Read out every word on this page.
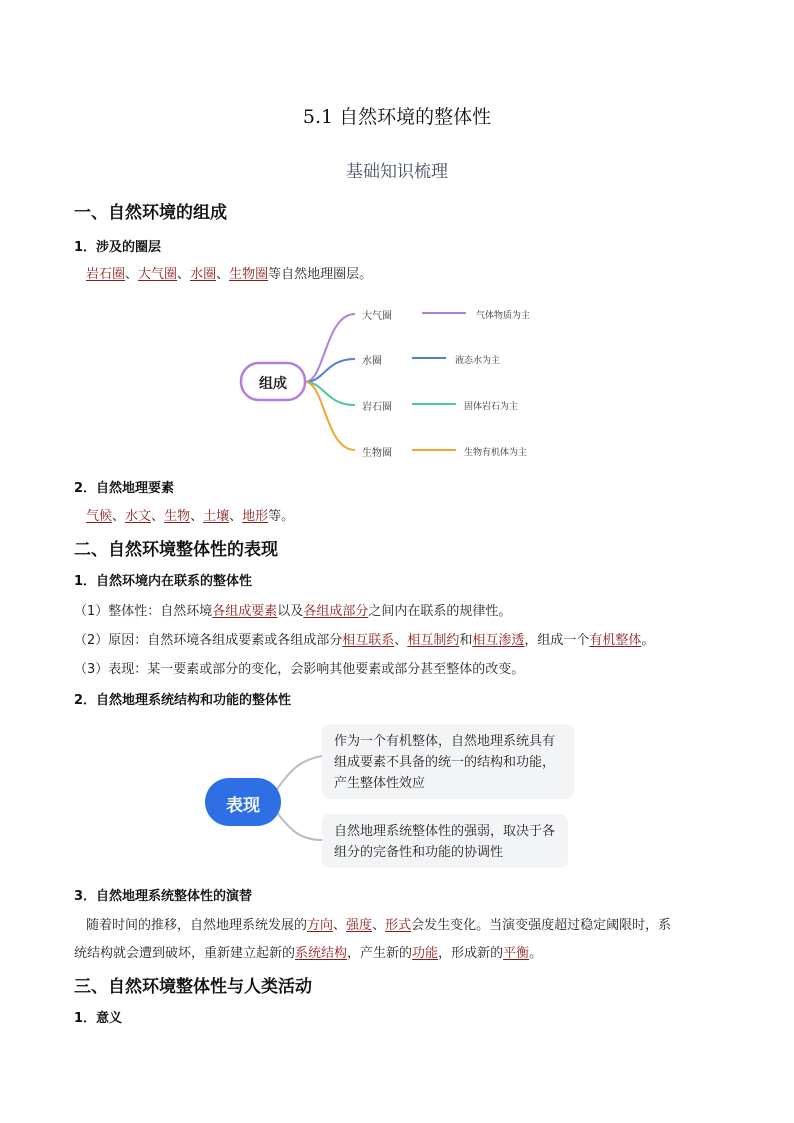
5.1 自然环境的整体性
基础知识梳理
一、自然环境的组成
1．涉及的圈层
岩石圈、大气圈、水圈、生物圈等自然地理圈层。
组成
大气圈
水圈
岩石圈
生物圈
气体物质为主
液态水为主
固体岩石为主
生物有机体为主
2．自然地理要素
气候、水文、生物、土壤、地形等。
二、自然环境整体性的表现
1．自然环境内在联系的整体性
（1）整体性：自然环境各组成要素以及各组成部分之间内在联系的规律性。
（2）原因：自然环境各组成要素或各组成部分相互联系、相互制约和相互渗透，组成一个有机整体。
（3）表现：某一要素或部分的变化，会影响其他要素或部分甚至整体的改变。
2．自然地理系统结构和功能的整体性
表现
作为一个有机整体，自然地理系统具有组成要素不具备的统一的结构和功能，产生整体性效应
自然地理系统整体性的强弱，取决于各组分的完备性和功能的协调性
3．自然地理系统整体性的演替
随着时间的推移，自然地理系统发展的方向、强度、形式会发生变化。当演变强度超过稳定阈限时，系
统结构就会遭到破坏，重新建立起新的系统结构，产生新的功能，形成新的平衡。
三、自然环境整体性与人类活动
1．意义
